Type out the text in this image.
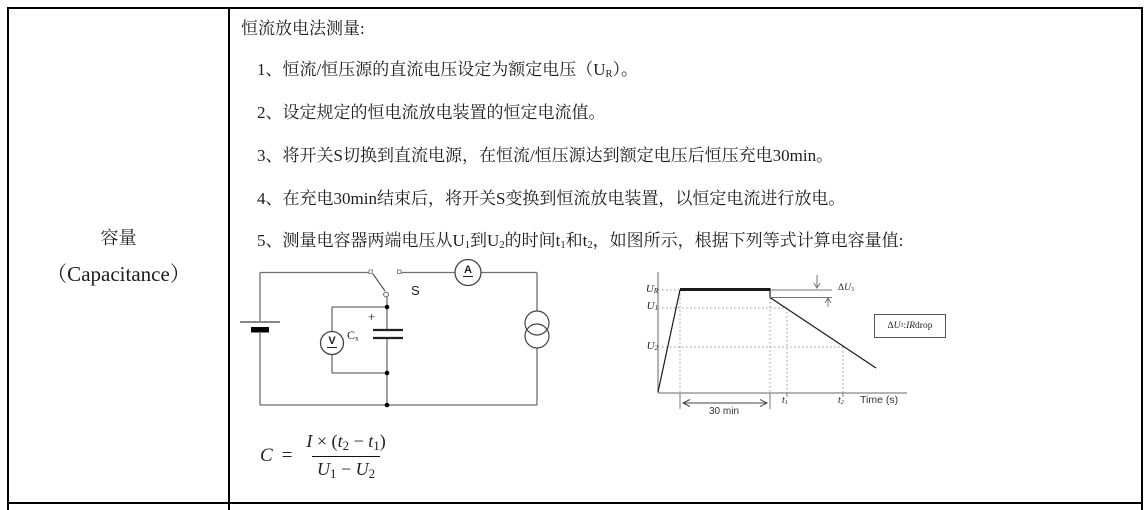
容量
（Capacitance）
恒流放电法测量:
1、恒流/恒压源的直流电压设定为额定电压（UR）。
2、设定规定的恒电流放电装置的恒定电流值。
3、将开关S切换到直流电源，在恒流/恒压源达到额定电压后恒压充电30min。
4、在充电30min结束后，将开关S变换到恒流放电装置，以恒定电流进行放电。
5、测量电容器两端电压从U1到U2的时间t1和t2，如图所示，根据下列等式计算电容量值:
S
A
V Cx
+
UR
U1
U2
t1	t2 Time (s)
30 min
ΔU3
Δ U 3 : IR drop
$C = \frac{I \times (t2 - t1)}{U1 - U2}$
